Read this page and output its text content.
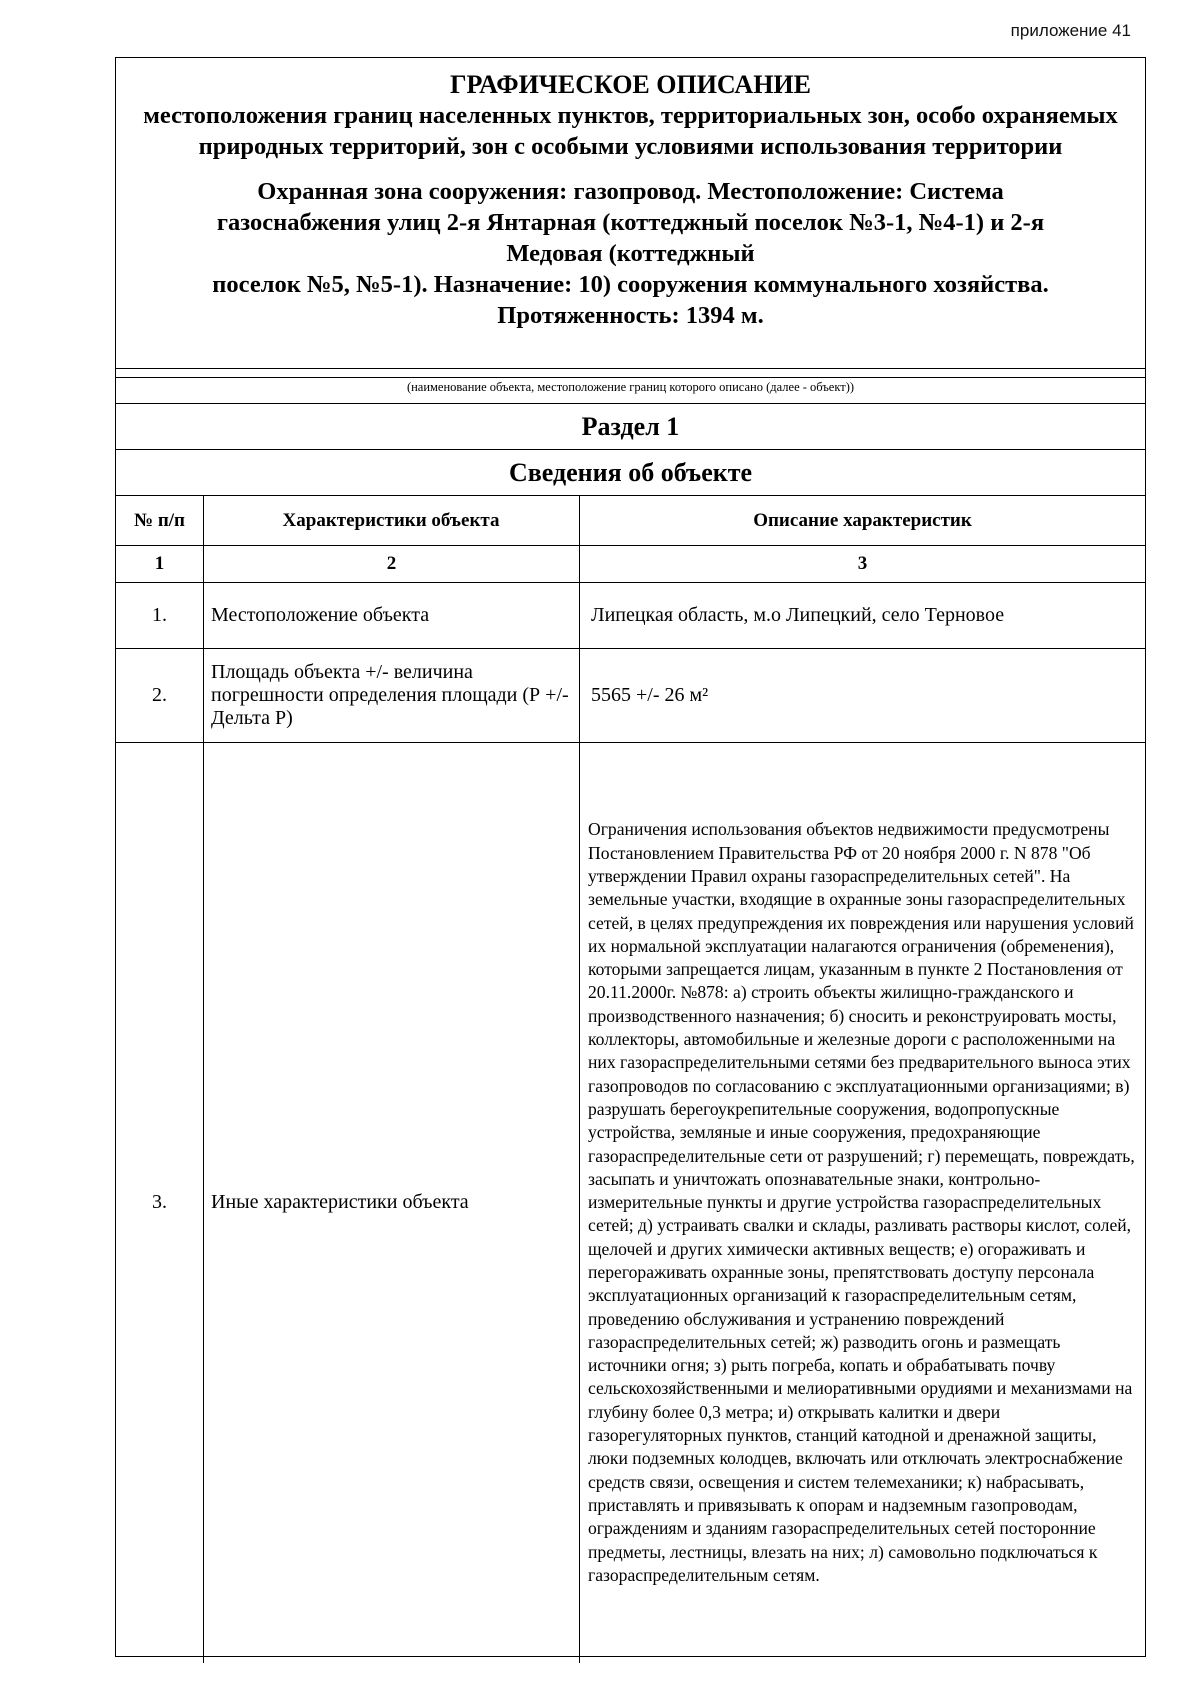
приложение 41
ГРАФИЧЕСКОЕ ОПИСАНИЕ
местоположения границ населенных пунктов, территориальных зон, особо охраняемых природных территорий, зон с особыми условиями использования территории
Охранная зона сооружения: газопровод. Местоположение: Система
газоснабжения улиц 2-я Янтарная (коттеджный поселок №3-1, №4-1) и 2-я
Медовая (коттеджный
поселок №5, №5-1). Назначение: 10) сооружения коммунального хозяйства.
Протяженность: 1394 м.
(наименование объекта, местоположение границ которого описано (далее - объект))
Раздел 1
Сведения об объекте
№ п/п	Характеристики объекта	Описание характеристик
1	2	3
1.	Местоположение объекта	Липецкая область, м.о Липецкий, село Терновое
2.	Площадь объекта +/- величина погрешности определения площади (Р +/- Дельта Р)	5565 +/- 26 м²
3.	Иные характеристики объекта	Ограничения использования объектов недвижимости предусмотрены Постановлением Правительства РФ от 20 ноября 2000 г. N 878 "Об утверждении Правил охраны газораспределительных сетей". На земельные участки, входящие в охранные зоны газораспределительных сетей, в целях предупреждения их повреждения или нарушения условий их нормальной эксплуатации налагаются ограничения (обременения), которыми запрещается лицам, указанным в пункте 2 Постановления от 20.11.2000г. №878: а) строить объекты жилищно-гражданского и производственного назначения; б) сносить и реконструировать мосты, коллекторы, автомобильные и железные дороги с расположенными на них газораспределительными сетями без предварительного выноса этих газопроводов по согласованию с эксплуатационными организациями; в) разрушать берегоукрепительные сооружения, водопропускные устройства, земляные и иные сооружения, предохраняющие газораспределительные сети от разрушений; г) перемещать, повреждать, засыпать и уничтожать опознавательные знаки, контрольно-измерительные пункты и другие устройства газораспределительных сетей; д) устраивать свалки и склады, разливать растворы кислот, солей, щелочей и других химически активных веществ; е) огораживать и перегораживать охранные зоны, препятствовать доступу персонала эксплуатационных организаций к газораспределительным сетям, проведению обслуживания и устранению повреждений газораспределительных сетей; ж) разводить огонь и размещать источники огня; з) рыть погреба, копать и обрабатывать почву сельскохозяйственными и мелиоративными орудиями и механизмами на глубину более 0,3 метра; и) открывать калитки и двери газорегуляторных пунктов, станций катодной и дренажной защиты, люки подземных колодцев, включать или отключать электроснабжение средств связи, освещения и систем телемеханики; к) набрасывать, приставлять и привязывать к опорам и надземным газопроводам, ограждениям и зданиям газораспределительных сетей посторонние предметы, лестницы, влезать на них; л) самовольно подключаться к газораспределительным сетям.
